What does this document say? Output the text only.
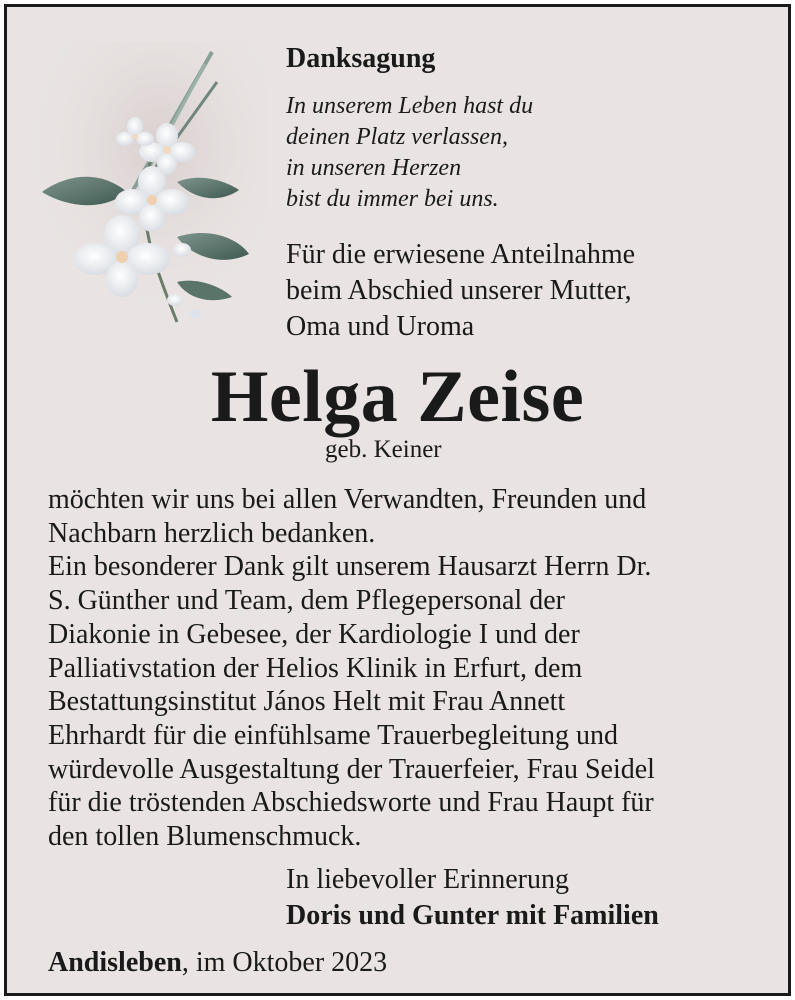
Danksagung
In unserem Leben hast du
deinen Platz verlassen,
in unseren Herzen
bist du immer bei uns.
Für die erwiesene Anteilnahme
beim Abschied unserer Mutter,
Oma und Uroma
Helga Zeise
geb. Keiner
möchten wir uns bei allen Verwandten, Freunden und
Nachbarn herzlich bedanken.
Ein besonderer Dank gilt unserem Hausarzt Herrn Dr.
S. Günther und Team, dem Pflegepersonal der
Diakonie in Gebesee, der Kardiologie I und der
Palliativstation der Helios Klinik in Erfurt, dem
Bestattungsinstitut János Helt mit Frau Annett
Ehrhardt für die einfühlsame Trauerbegleitung und
würdevolle Ausgestaltung der Trauerfeier, Frau Seidel
für die tröstenden Abschiedsworte und Frau Haupt für
den tollen Blumenschmuck.
In liebevoller Erinnerung
Doris und Gunter mit Familien
Andisleben, im Oktober 2023
